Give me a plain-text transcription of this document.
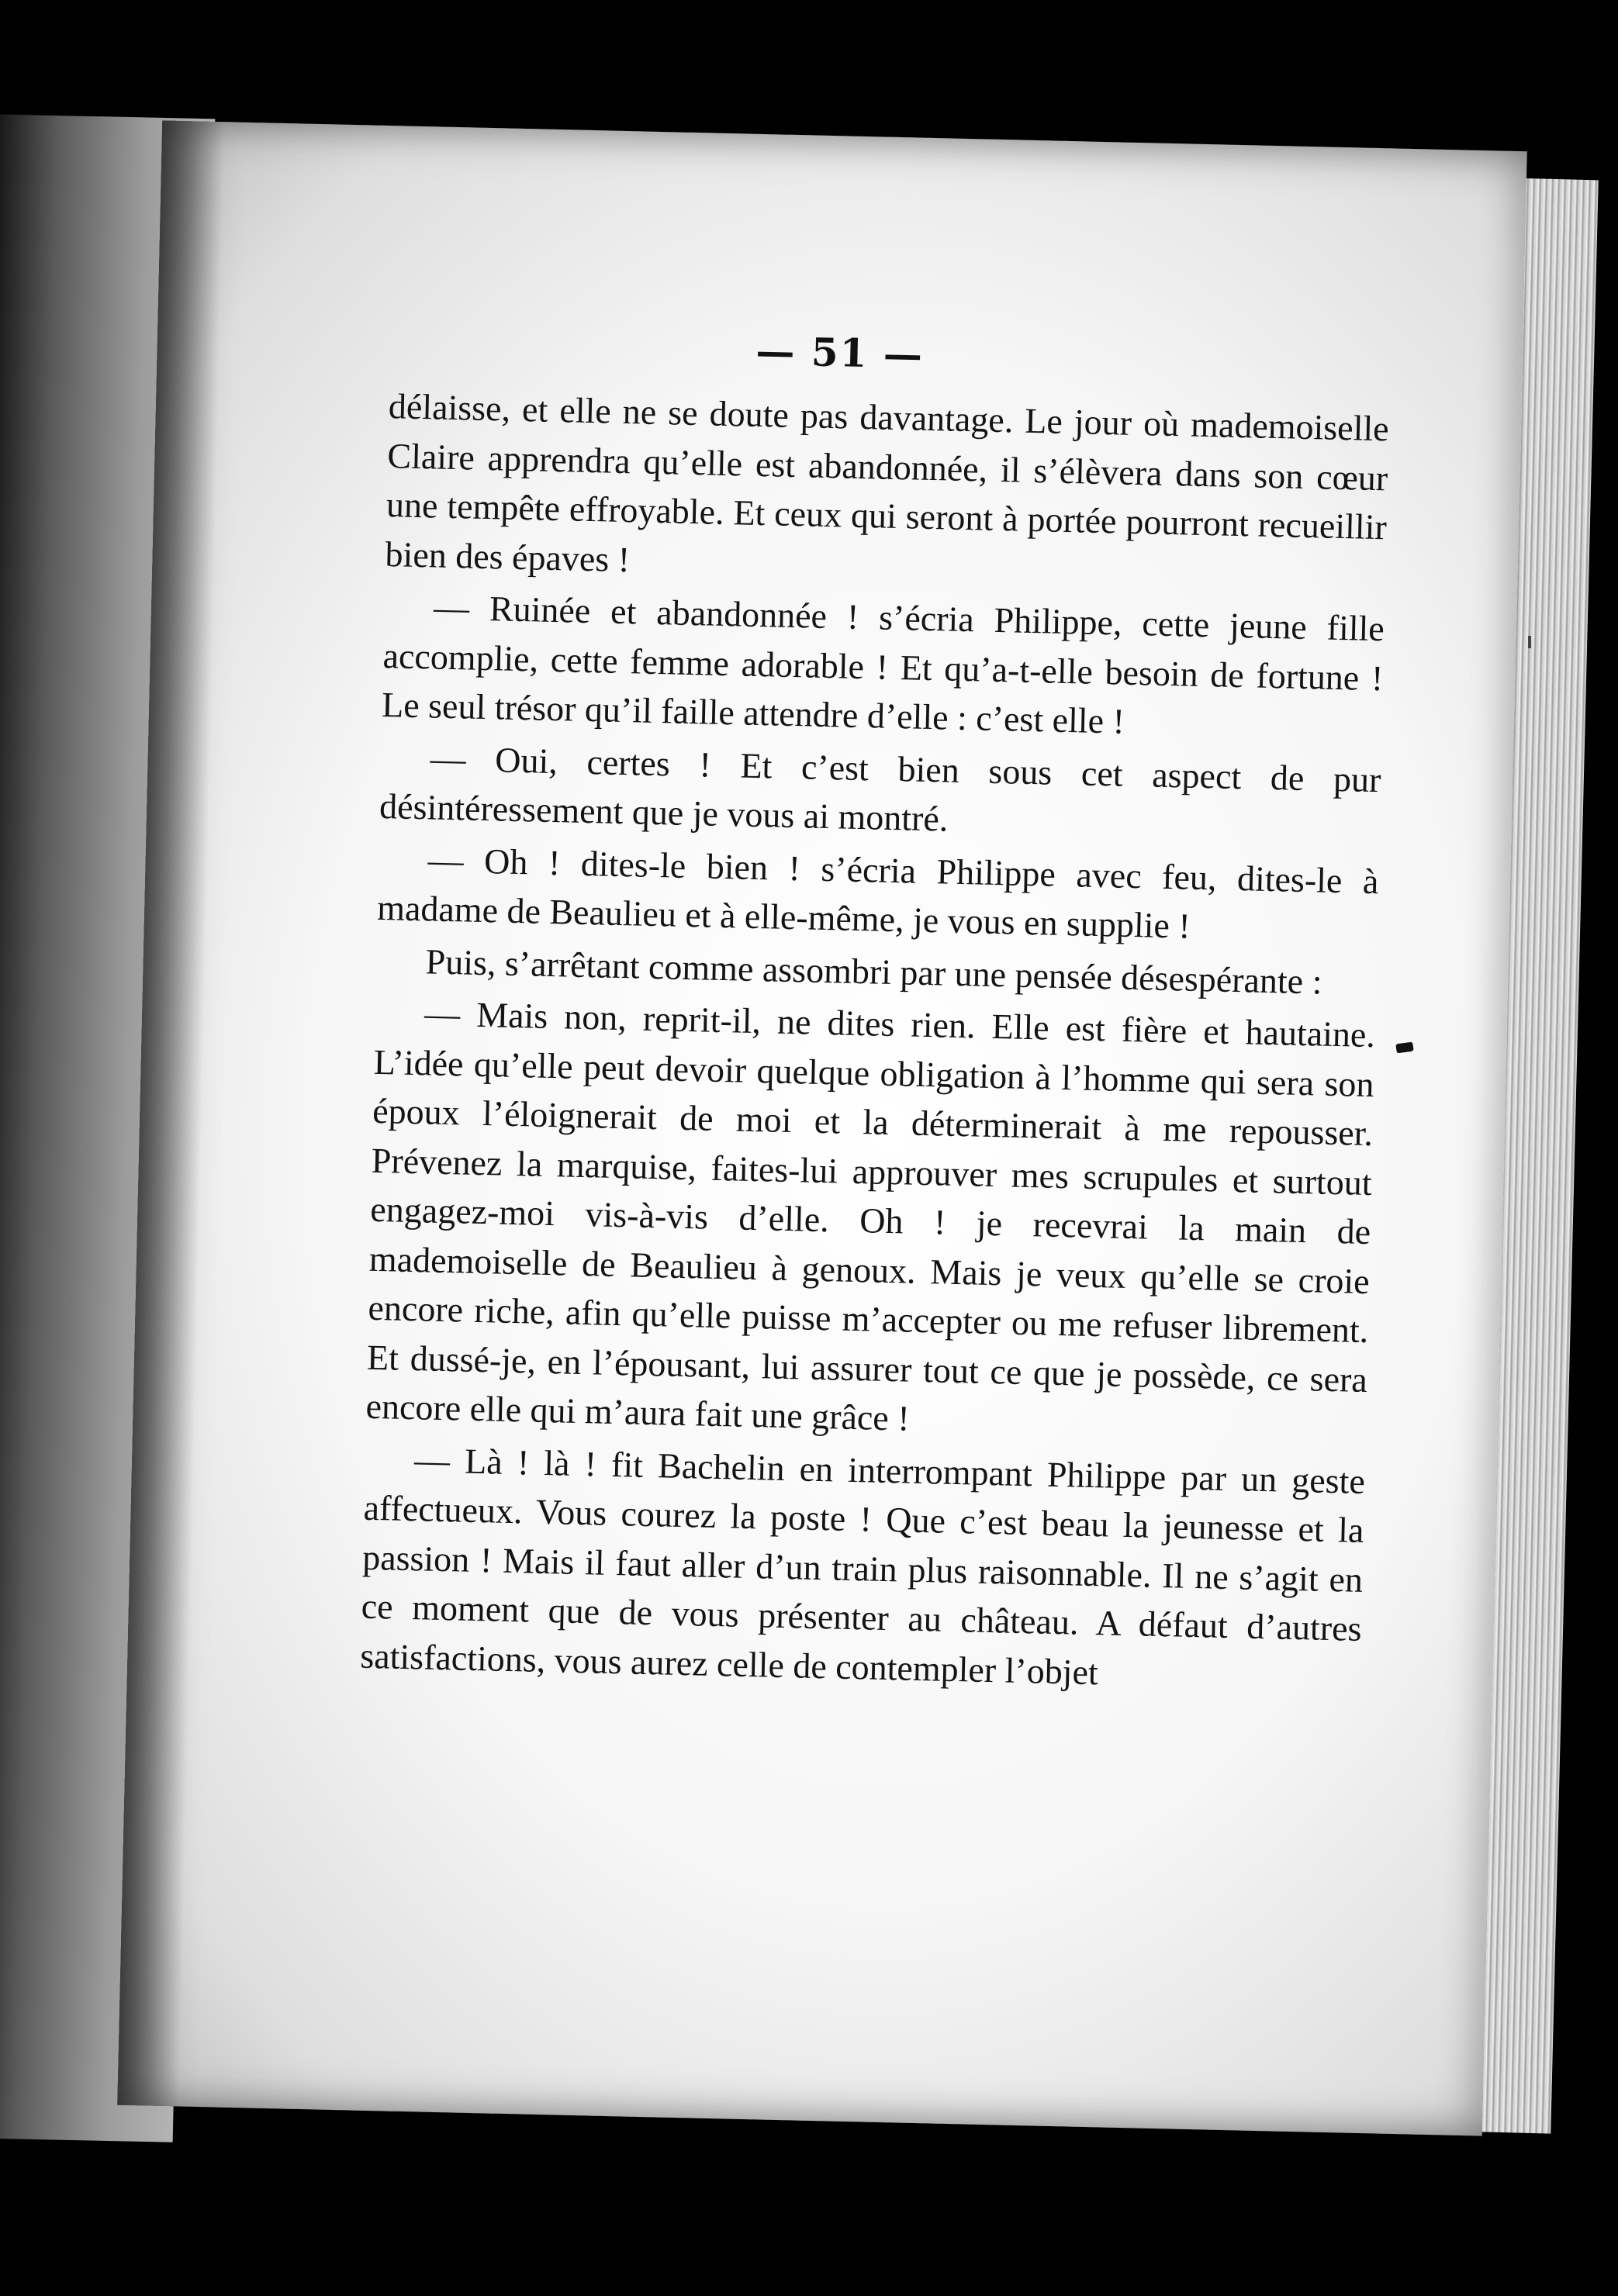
— 51 —

délaisse, et elle ne se doute pas davantage. Le jour où mademoiselle Claire apprendra qu’elle est abandonnée, il s’élèvera dans son cœur une tempête effroyable. Et ceux qui seront à portée pourront recueillir bien des épaves !

— Ruinée et abandonnée ! s’écria Philippe, cette jeune fille accomplie, cette femme adorable ! Et qu’a-t-elle besoin de fortune ! Le seul trésor qu’il faille attendre d’elle : c’est elle !

— Oui, certes ! Et c’est bien sous cet aspect de pur désintéressement que je vous ai montré.

— Oh ! dites-le bien ! s’écria Philippe avec feu, dites-le à madame de Beaulieu et à elle-même, je vous en supplie !

Puis, s’arrêtant comme assombri par une pensée désespérante :

— Mais non, reprit-il, ne dites rien. Elle est fière et hautaine. L’idée qu’elle peut devoir quelque obligation à l’homme qui sera son époux l’éloignerait de moi et la déterminerait à me repousser. Prévenez la marquise, faites-lui approuver mes scrupules et surtout engagez-moi vis-à-vis d’elle. Oh ! je recevrai la main de mademoiselle de Beaulieu à genoux. Mais je veux qu’elle se croie encore riche, afin qu’elle puisse m’accepter ou me refuser librement. Et dussé-je, en l’épousant, lui assurer tout ce que je possède, ce sera encore elle qui m’aura fait une grâce !

— Là ! là ! fit Bachelin en interrompant Philippe par un geste affectueux. Vous courez la poste ! Que c’est beau la jeunesse et la passion ! Mais il faut aller d’un train plus raisonnable. Il ne s’agit en ce moment que de vous présenter au château. A défaut d’autres satisfactions, vous aurez celle de contempler l’objet
